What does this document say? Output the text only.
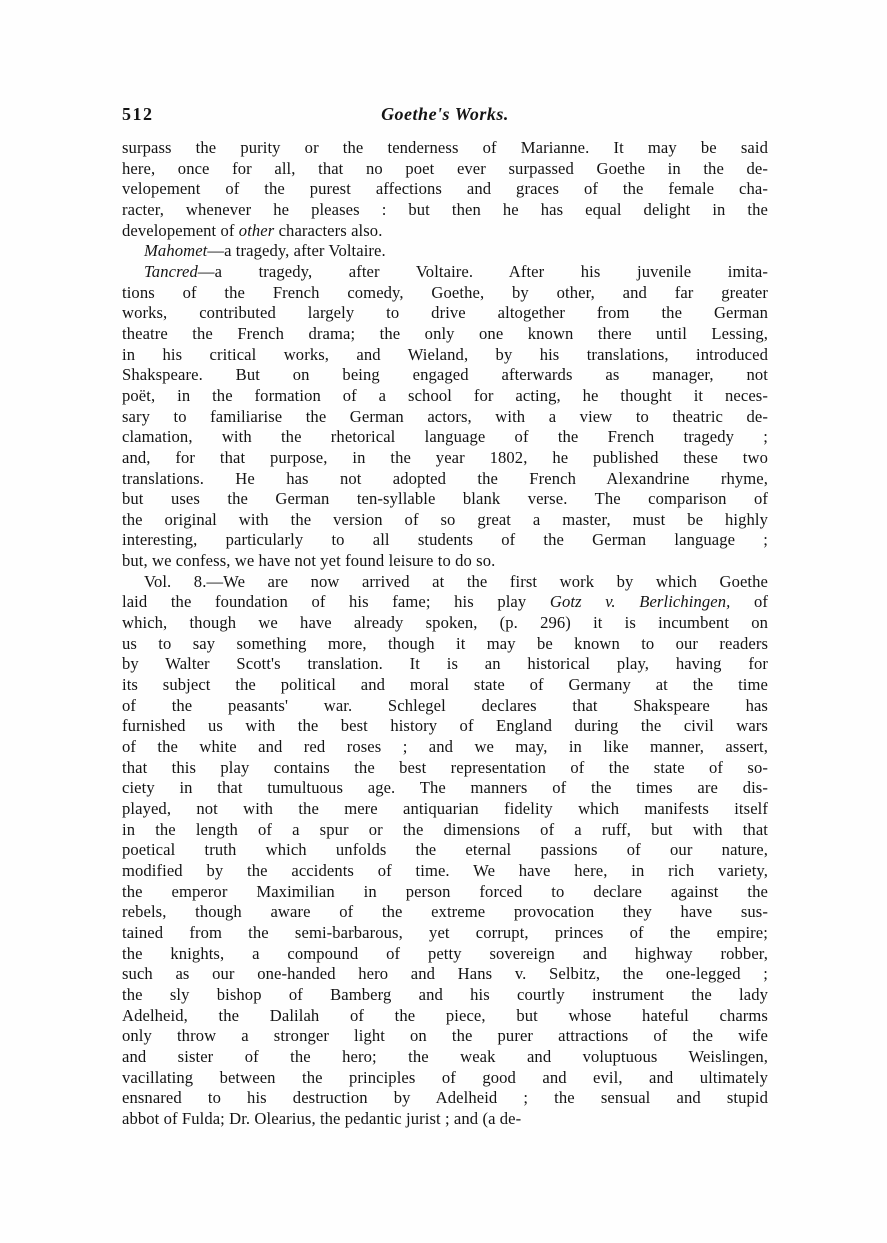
512	Goethe's Works.
surpass the purity or the tenderness of Marianne. It may be said
here, once for all, that no poet ever surpassed Goethe in the de-
velopement of the purest affections and graces of the female cha-
racter, whenever he pleases : but then he has equal delight in the
developement of other characters also.
Mahomet—a tragedy, after Voltaire.
Tancred—a tragedy, after Voltaire. After his juvenile imita-
tions of the French comedy, Goethe, by other, and far greater
works, contributed largely to drive altogether from the German
theatre the French drama; the only one known there until Lessing,
in his critical works, and Wieland, by his translations, introduced
Shakspeare. But on being engaged afterwards as manager, not
poët, in the formation of a school for acting, he thought it neces-
sary to familiarise the German actors, with a view to theatric de-
clamation, with the rhetorical language of the French tragedy ;
and, for that purpose, in the year 1802, he published these two
translations. He has not adopted the French Alexandrine rhyme,
but uses the German ten-syllable blank verse. The comparison of
the original with the version of so great a master, must be highly
interesting, particularly to all students of the German language ;
but, we confess, we have not yet found leisure to do so.
Vol. 8.—We are now arrived at the first work by which Goethe
laid the foundation of his fame; his play Gotz v. Berlichingen, of
which, though we have already spoken, (p. 296) it is incumbent on
us to say something more, though it may be known to our readers
by Walter Scott's translation. It is an historical play, having for
its subject the political and moral state of Germany at the time
of the peasants' war. Schlegel declares that Shakspeare has
furnished us with the best history of England during the civil wars
of the white and red roses ; and we may, in like manner, assert,
that this play contains the best representation of the state of so-
ciety in that tumultuous age. The manners of the times are dis-
played, not with the mere antiquarian fidelity which manifests itself
in the length of a spur or the dimensions of a ruff, but with that
poetical truth which unfolds the eternal passions of our nature,
modified by the accidents of time. We have here, in rich variety,
the emperor Maximilian in person forced to declare against the
rebels, though aware of the extreme provocation they have sus-
tained from the semi-barbarous, yet corrupt, princes of the empire;
the knights, a compound of petty sovereign and highway robber,
such as our one-handed hero and Hans v. Selbitz, the one-legged ;
the sly bishop of Bamberg and his courtly instrument the lady
Adelheid, the Dalilah of the piece, but whose hateful charms
only throw a stronger light on the purer attractions of the wife
and sister of the hero; the weak and voluptuous Weislingen,
vacillating between the principles of good and evil, and ultimately
ensnared to his destruction by Adelheid ; the sensual and stupid
abbot of Fulda; Dr. Olearius, the pedantic jurist ; and (a de-
